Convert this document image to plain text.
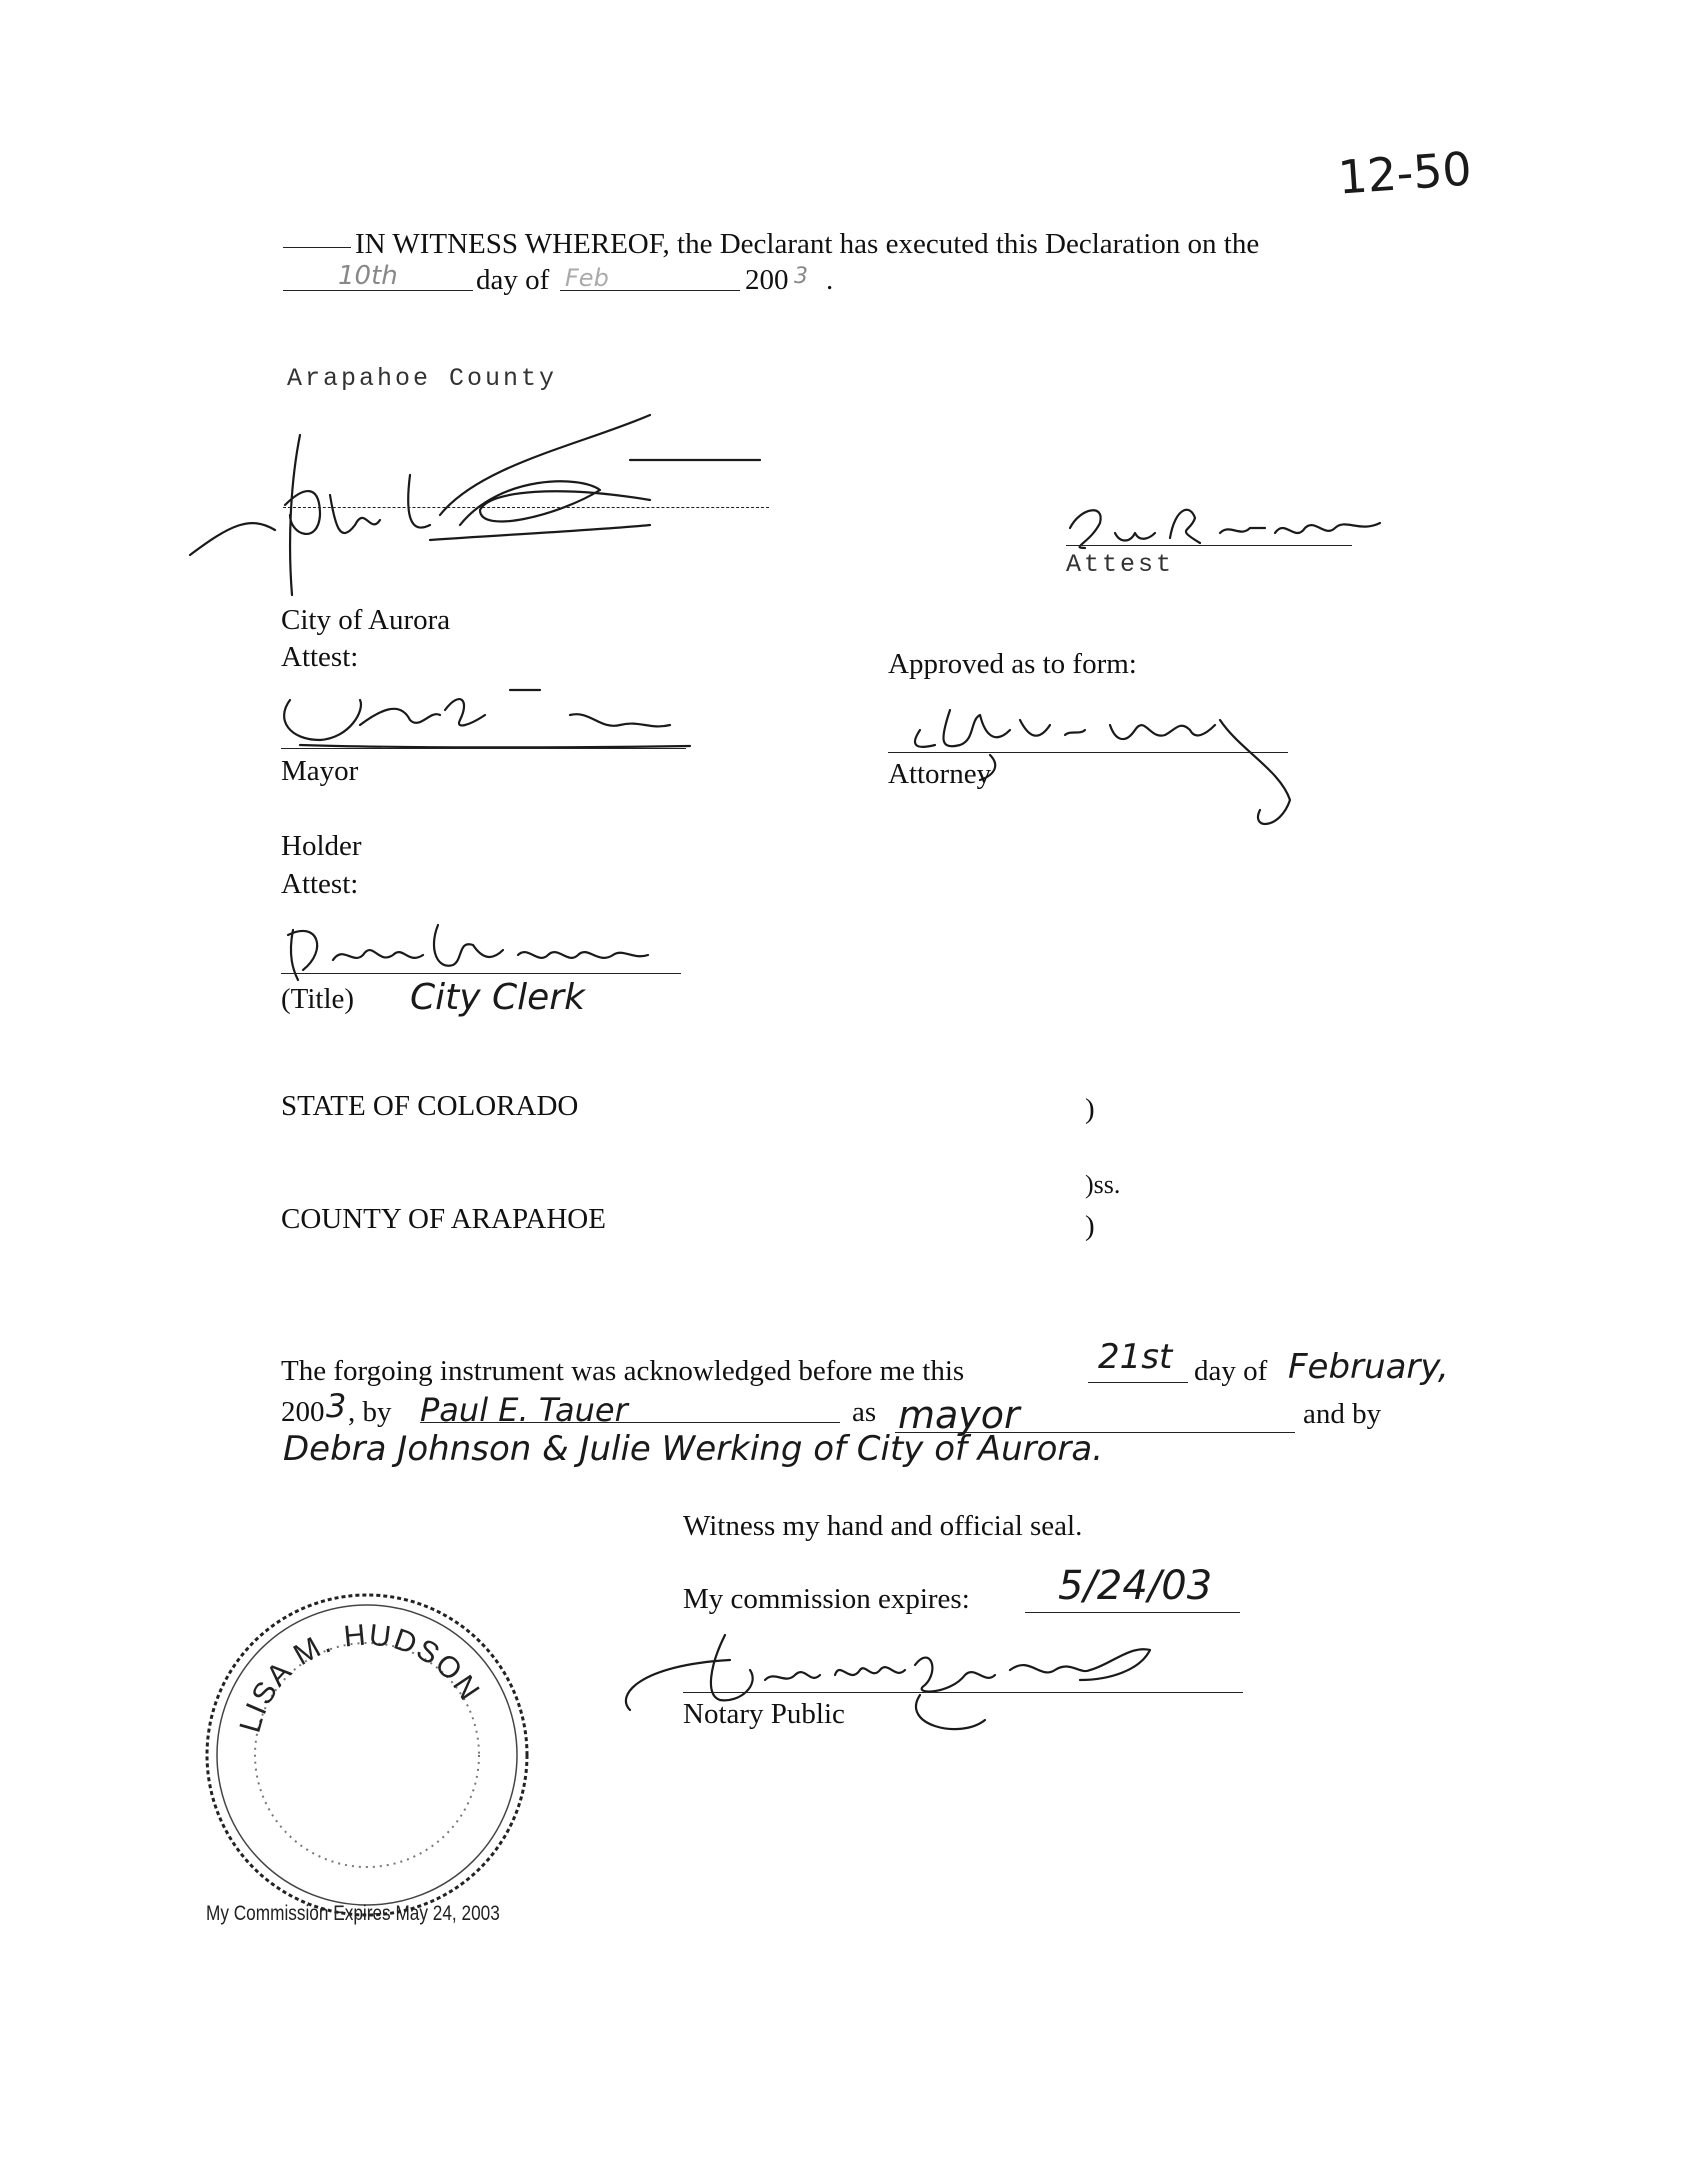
12-50
IN WITNESS WHEREOF, the Declarant has executed this Declaration on the
10th	day of Feb	200 3 .
Arapahoe County
Attest
City of Aurora
Attest:
Mayor
Approved as to form:
Attorney
Holder
Attest:
(Title) City Clerk
STATE OF COLORADO	)
)ss.
COUNTY OF ARAPAHOE	)
The forgoing instrument was acknowledged before me this	21st day of February,
200 3 , by Paul E. Tauer	as mayor	and by
Debra Johnson & Julie Werking of City of Aurora.
Witness my hand and official seal.
My commission expires: 5/24/03
Notary Public
LISA M. HUDSON
My Commission Expires May 24, 2003
